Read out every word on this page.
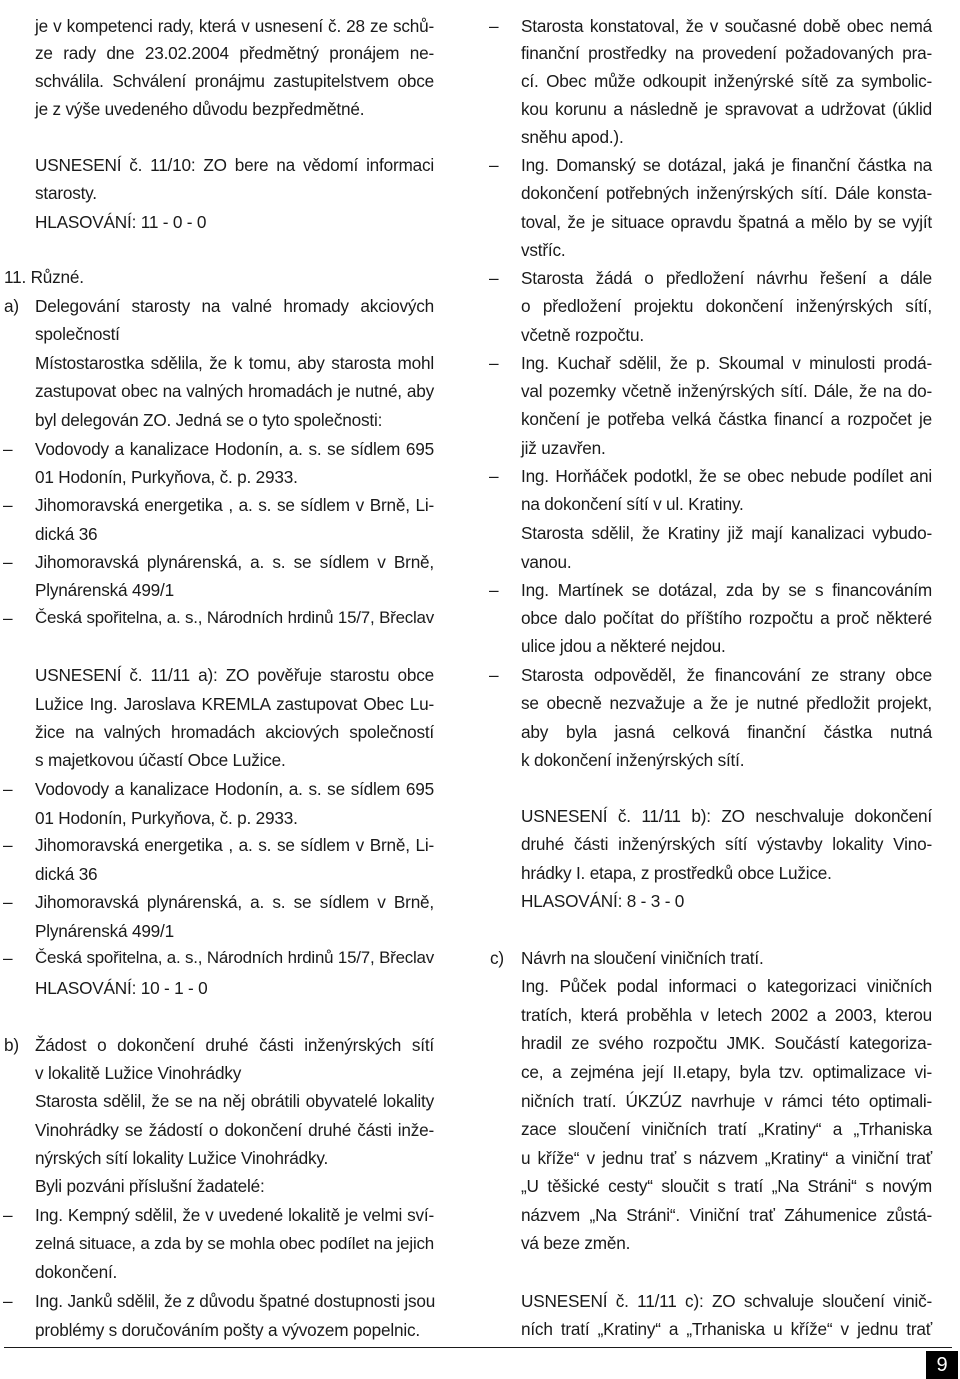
je v kompetenci rady, která v usnesení č. 28 ze schů-
ze rady dne 23.02.2004 předmětný pronájem ne-
schválila. Schválení pronájmu zastupitelstvem obce
je z výše uvedeného důvodu bezpředmětné.
USNESENÍ č. 11/10: ZO bere na vědomí informaci
starosty.
HLASOVÁNÍ: 11 - 0 - 0
11. Různé.
a) Delegování starosty na valné hromady akciových
společností
Místostarostka sdělila, že k tomu, aby starosta mohl
zastupovat obec na valných hromadách je nutné, aby
byl delegován ZO. Jedná se o tyto společnosti:
–	Vodovody a kanalizace Hodonín, a. s. se sídlem 695
01 Hodonín, Purkyňova, č. p. 2933.
–	Jihomoravská energetika , a. s. se sídlem v Brně, Li-
dická 36
–	Jihomoravská plynárenská, a. s. se sídlem v Brně,
Plynárenská 499/1
–	Česká spořitelna, a. s., Národních hrdinů 15/7, Břeclav
USNESENÍ č. 11/11 a): ZO pověřuje starostu obce
Lužice Ing. Jaroslava KREMLA zastupovat Obec Lu-
žice na valných hromadách akciových společností
s majetkovou účastí Obce Lužice.
–	Vodovody a kanalizace Hodonín, a. s. se sídlem 695
01 Hodonín, Purkyňova, č. p. 2933.
–	Jihomoravská energetika , a. s. se sídlem v Brně, Li-
dická 36
–	Jihomoravská plynárenská, a. s. se sídlem v Brně,
Plynárenská 499/1
–	Česká spořitelna, a. s., Národních hrdinů 15/7, Břeclav
HLASOVÁNÍ: 10 - 1 - 0
b) Žádost o dokončení druhé části inženýrských sítí
v lokalitě Lužice Vinohrádky
Starosta sdělil, že se na něj obrátili obyvatelé lokality
Vinohrádky se žádostí o dokončení druhé části inže-
nýrských sítí lokality Lužice Vinohrádky.
Byli pozváni příslušní žadatelé:
–	Ing. Kempný sdělil, že v uvedené lokalitě je velmi sví-
zelná situace, a zda by se mohla obec podílet na jejich
dokončení.
–	Ing. Janků sdělil, že z důvodu špatné dostupnosti jsou
problémy s doručováním pošty a vývozem popelnic.
–	Starosta konstatoval, že v současné době obec nemá
finanční prostředky na provedení požadovaných pra-
cí. Obec může odkoupit inženýrské sítě za symbolic-
kou korunu a následně je spravovat a udržovat (úklid
sněhu apod.).
–	Ing. Domanský se dotázal, jaká je finanční částka na
dokončení potřebných inženýrských sítí. Dále konsta-
toval, že je situace opravdu špatná a mělo by se vyjít
vstříc.
–	Starosta žádá o předložení návrhu řešení a dále
o předložení projektu dokončení inženýrských sítí,
včetně rozpočtu.
–	Ing. Kuchař sdělil, že p. Skoumal v minulosti prodá-
val pozemky včetně inženýrských sítí. Dále, že na do-
končení je potřeba velká částka financí a rozpočet je
již uzavřen.
–	Ing. Horňáček podotkl, že se obec nebude podílet ani
na dokončení sítí v ul. Kratiny.
Starosta sdělil, že Kratiny již mají kanalizaci vybudo-
vanou.
–	Ing. Martínek se dotázal, zda by se s financováním
obce dalo počítat do příštího rozpočtu a proč některé
ulice jdou a některé nejdou.
–	Starosta odpověděl, že financování ze strany obce
se obecně nezvažuje a že je nutné předložit projekt,
aby byla jasná celková finanční částka nutná
k dokončení inženýrských sítí.
USNESENÍ č. 11/11 b): ZO neschvaluje dokončení
druhé části inženýrských sítí výstavby lokality Vino-
hrádky I. etapa, z prostředků obce Lužice.
HLASOVÁNÍ: 8 - 3 - 0
c) Návrh na sloučení viničních tratí.
Ing. Půček podal informaci o kategorizaci viničních
tratích, která proběhla v letech 2002 a 2003, kterou
hradil ze svého rozpočtu JMK. Součástí kategoriza-
ce, a zejména její II.etapy, byla tzv. optimalizace vi-
ničních tratí. ÚKZÚZ navrhuje v rámci této optimali-
zace sloučení viničních tratí „Kratiny“ a „Trhaniska
u kříže“ v jednu trať s názvem „Kratiny“ a viniční trať
„U těšické cesty“ sloučit s tratí „Na Stráni“ s novým
názvem „Na Stráni“. Viniční trať Záhumenice zůstá-
vá beze změn.
USNESENÍ č. 11/11 c): ZO schvaluje sloučení vinič-
ních tratí „Kratiny“ a „Trhaniska u kříže“ v jednu trať
9
